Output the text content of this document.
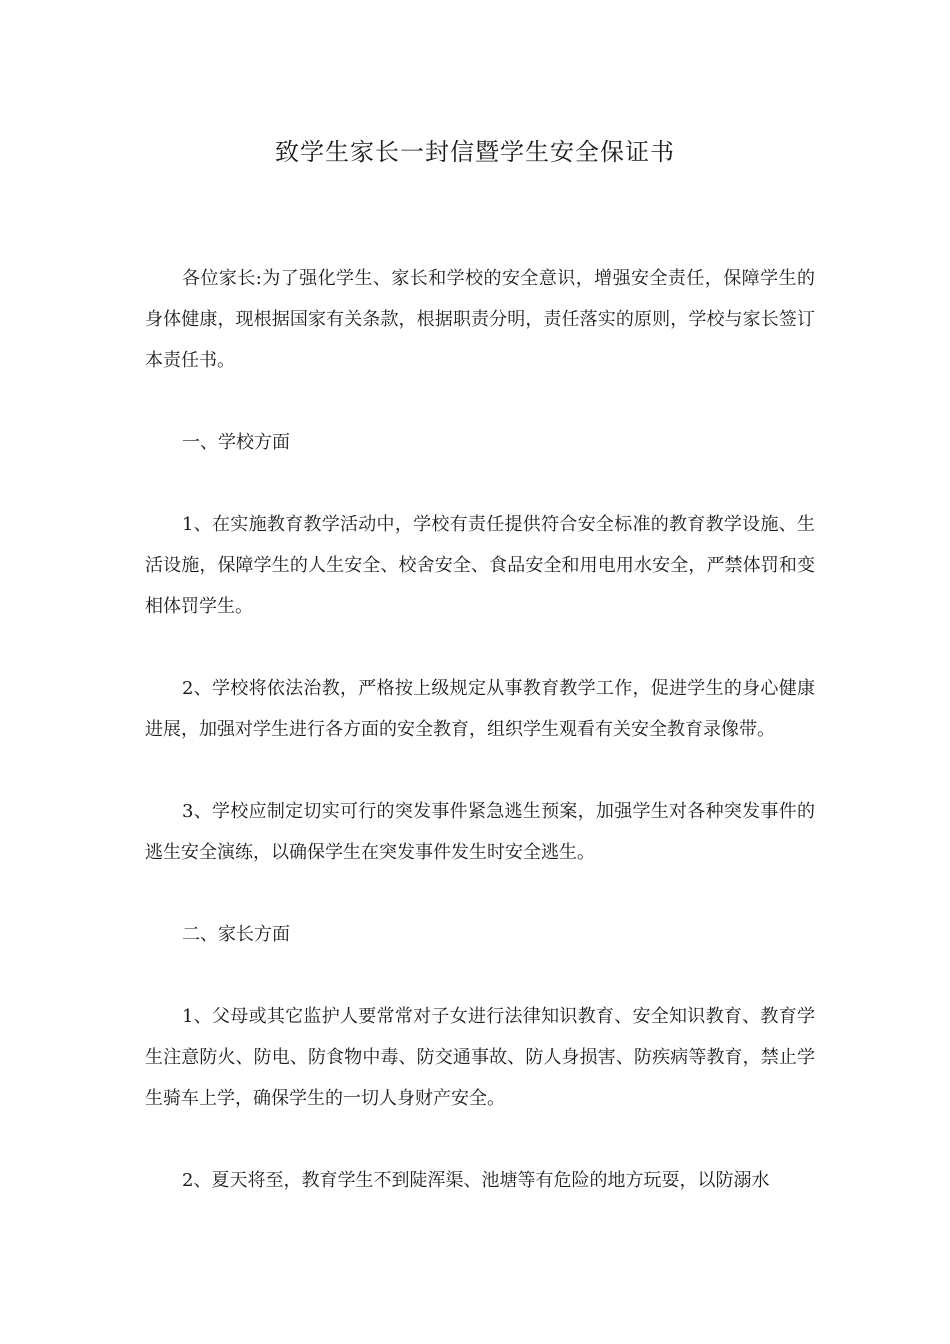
致学生家长一封信暨学生安全保证书

各位家长:为了强化学生、家长和学校的安全意识，增强安全责任，保障学生的身体健康，现根据国家有关条款，根据职责分明，责任落实的原则，学校与家长签订本责任书。

一、学校方面

1、在实施教育教学活动中，学校有责任提供符合安全标准的教育教学设施、生活设施，保障学生的人生安全、校舍安全、食品安全和用电用水安全，严禁体罚和变相体罚学生。

2、学校将依法治教，严格按上级规定从事教育教学工作，促进学生的身心健康进展，加强对学生进行各方面的安全教育，组织学生观看有关安全教育录像带。

3、学校应制定切实可行的突发事件紧急逃生预案，加强学生对各种突发事件的逃生安全演练，以确保学生在突发事件发生时安全逃生。

二、家长方面

1、父母或其它监护人要常常对子女进行法律知识教育、安全知识教育、教育学生注意防火、防电、防食物中毒、防交通事故、防人身损害、防疾病等教育，禁止学生骑车上学，确保学生的一切人身财产安全。

2、夏天将至，教育学生不到陡浑渠、池塘等有危险的地方玩耍，以防溺水
